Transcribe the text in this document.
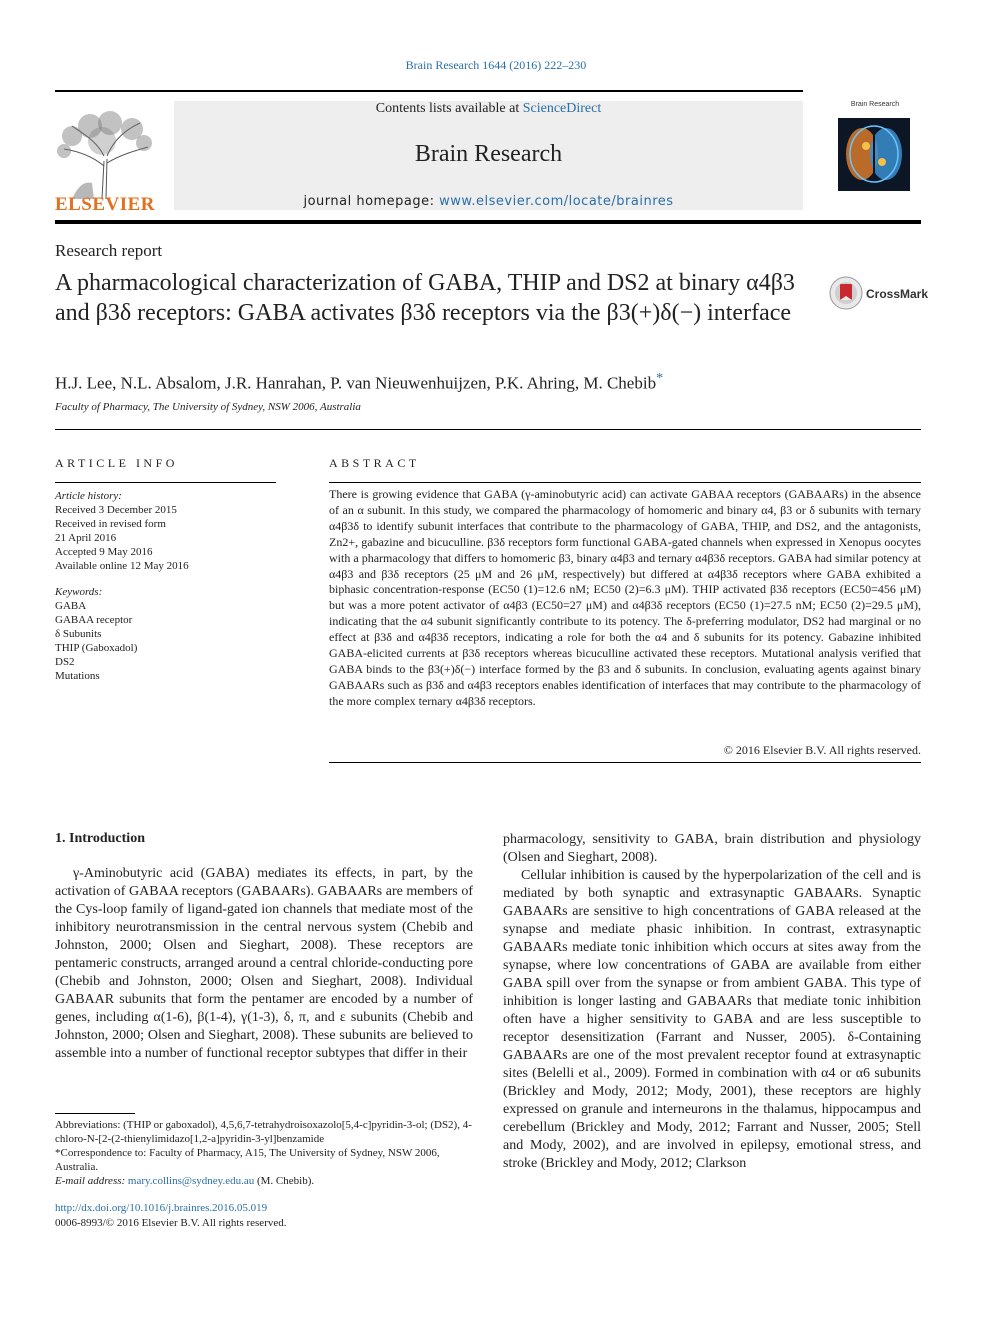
Brain Research 1644 (2016) 222–230
ELSEVIER
Contents lists available at ScienceDirect
Brain Research
journal homepage: www.elsevier.com/locate/brainres
Brain Research
Research report
A pharmacological characterization of GABA, THIP and DS2 at binary α4β3 and β3δ receptors: GABA activates β3δ receptors via the β3(+)δ(−) interface
CrossMark
H.J. Lee, N.L. Absalom, J.R. Hanrahan, P. van Nieuwenhuijzen, P.K. Ahring, M. Chebib*
Faculty of Pharmacy, The University of Sydney, NSW 2006, Australia
ARTICLE INFO
Article history:
Received 3 December 2015
Received in revised form
21 April 2016
Accepted 9 May 2016
Available online 12 May 2016
Keywords:
GABA
GABAA receptor
δ Subunits
THIP (Gaboxadol)
DS2
Mutations
ABSTRACT
There is growing evidence that GABA (γ-aminobutyric acid) can activate GABAA receptors (GABAARs) in the absence of an α subunit. In this study, we compared the pharmacology of homomeric and binary α4, β3 or δ subunits with ternary α4β3δ to identify subunit interfaces that contribute to the pharmacology of GABA, THIP, and DS2, and the antagonists, Zn2+, gabazine and bicuculline. β3δ receptors form functional GABA-gated channels when expressed in Xenopus oocytes with a pharmacology that differs to homomeric β3, binary α4β3 and ternary α4β3δ receptors. GABA had similar potency at α4β3 and β3δ receptors (25 μM and 26 μM, respectively) but differed at α4β3δ receptors where GABA exhibited a biphasic concentration-response (EC50 (1)=12.6 nM; EC50 (2)=6.3 μM). THIP activated β3δ receptors (EC50=456 μM) but was a more potent activator of α4β3 (EC50=27 μM) and α4β3δ receptors (EC50 (1)=27.5 nM; EC50 (2)=29.5 μM), indicating that the α4 subunit significantly contribute to its potency. The δ-preferring modulator, DS2 had marginal or no effect at β3δ and α4β3δ receptors, indicating a role for both the α4 and δ subunits for its potency. Gabazine inhibited GABA-elicited currents at β3δ receptors whereas bicuculline activated these receptors. Mutational analysis verified that GABA binds to the β3(+)δ(−) interface formed by the β3 and δ subunits. In conclusion, evaluating agents against binary GABAARs such as β3δ and α4β3 receptors enables identification of interfaces that may contribute to the pharmacology of the more complex ternary α4β3δ receptors.
© 2016 Elsevier B.V. All rights reserved.
1. Introduction

γ-Aminobutyric acid (GABA) mediates its effects, in part, by the activation of GABAA receptors (GABAARs). GABAARs are members of the Cys-loop family of ligand-gated ion channels that mediate most of the inhibitory neurotransmission in the central nervous system (Chebib and Johnston, 2000; Olsen and Sieghart, 2008). These receptors are pentameric constructs, arranged around a central chloride-conducting pore (Chebib and Johnston, 2000; Olsen and Sieghart, 2008). Individual GABAAR subunits that form the pentamer are encoded by a number of genes, including α(1-6), β(1-4), γ(1-3), δ, π, and ε subunits (Chebib and Johnston, 2000; Olsen and Sieghart, 2008). These subunits are believed to assemble into a number of functional receptor subtypes that differ in their

pharmacology, sensitivity to GABA, brain distribution and physiology (Olsen and Sieghart, 2008).

Cellular inhibition is caused by the hyperpolarization of the cell and is mediated by both synaptic and extrasynaptic GABAARs. Synaptic GABAARs are sensitive to high concentrations of GABA released at the synapse and mediate phasic inhibition. In contrast, extrasynaptic GABAARs mediate tonic inhibition which occurs at sites away from the synapse, where low concentrations of GABA are available from either GABA spill over from the synapse or from ambient GABA. This type of inhibition is longer lasting and GABAARs that mediate tonic inhibition often have a higher sensitivity to GABA and are less susceptible to receptor desensitization (Farrant and Nusser, 2005). δ-Containing GABAARs are one of the most prevalent receptor found at extrasynaptic sites (Belelli et al., 2009). Formed in combination with α4 or α6 subunits (Brickley and Mody, 2012; Mody, 2001), these receptors are highly expressed on granule and interneurons in the thalamus, hippocampus and cerebellum (Brickley and Mody, 2012; Farrant and Nusser, 2005; Stell and Mody, 2002), and are involved in epilepsy, emotional stress, and stroke (Brickley and Mody, 2012; Clarkson

Abbreviations: (THIP or gaboxadol), 4,5,6,7-tetrahydroisoxazolo[5,4-c]pyridin-3-ol; (DS2), 4-chloro-N-[2-(2-thienylimidazo[1,2-a]pyridin-3-yl]benzamide
*Correspondence to: Faculty of Pharmacy, A15, The University of Sydney, NSW 2006, Australia.
E-mail address: mary.collins@sydney.edu.au (M. Chebib).
http://dx.doi.org/10.1016/j.brainres.2016.05.019
0006-8993/© 2016 Elsevier B.V. All rights reserved.
